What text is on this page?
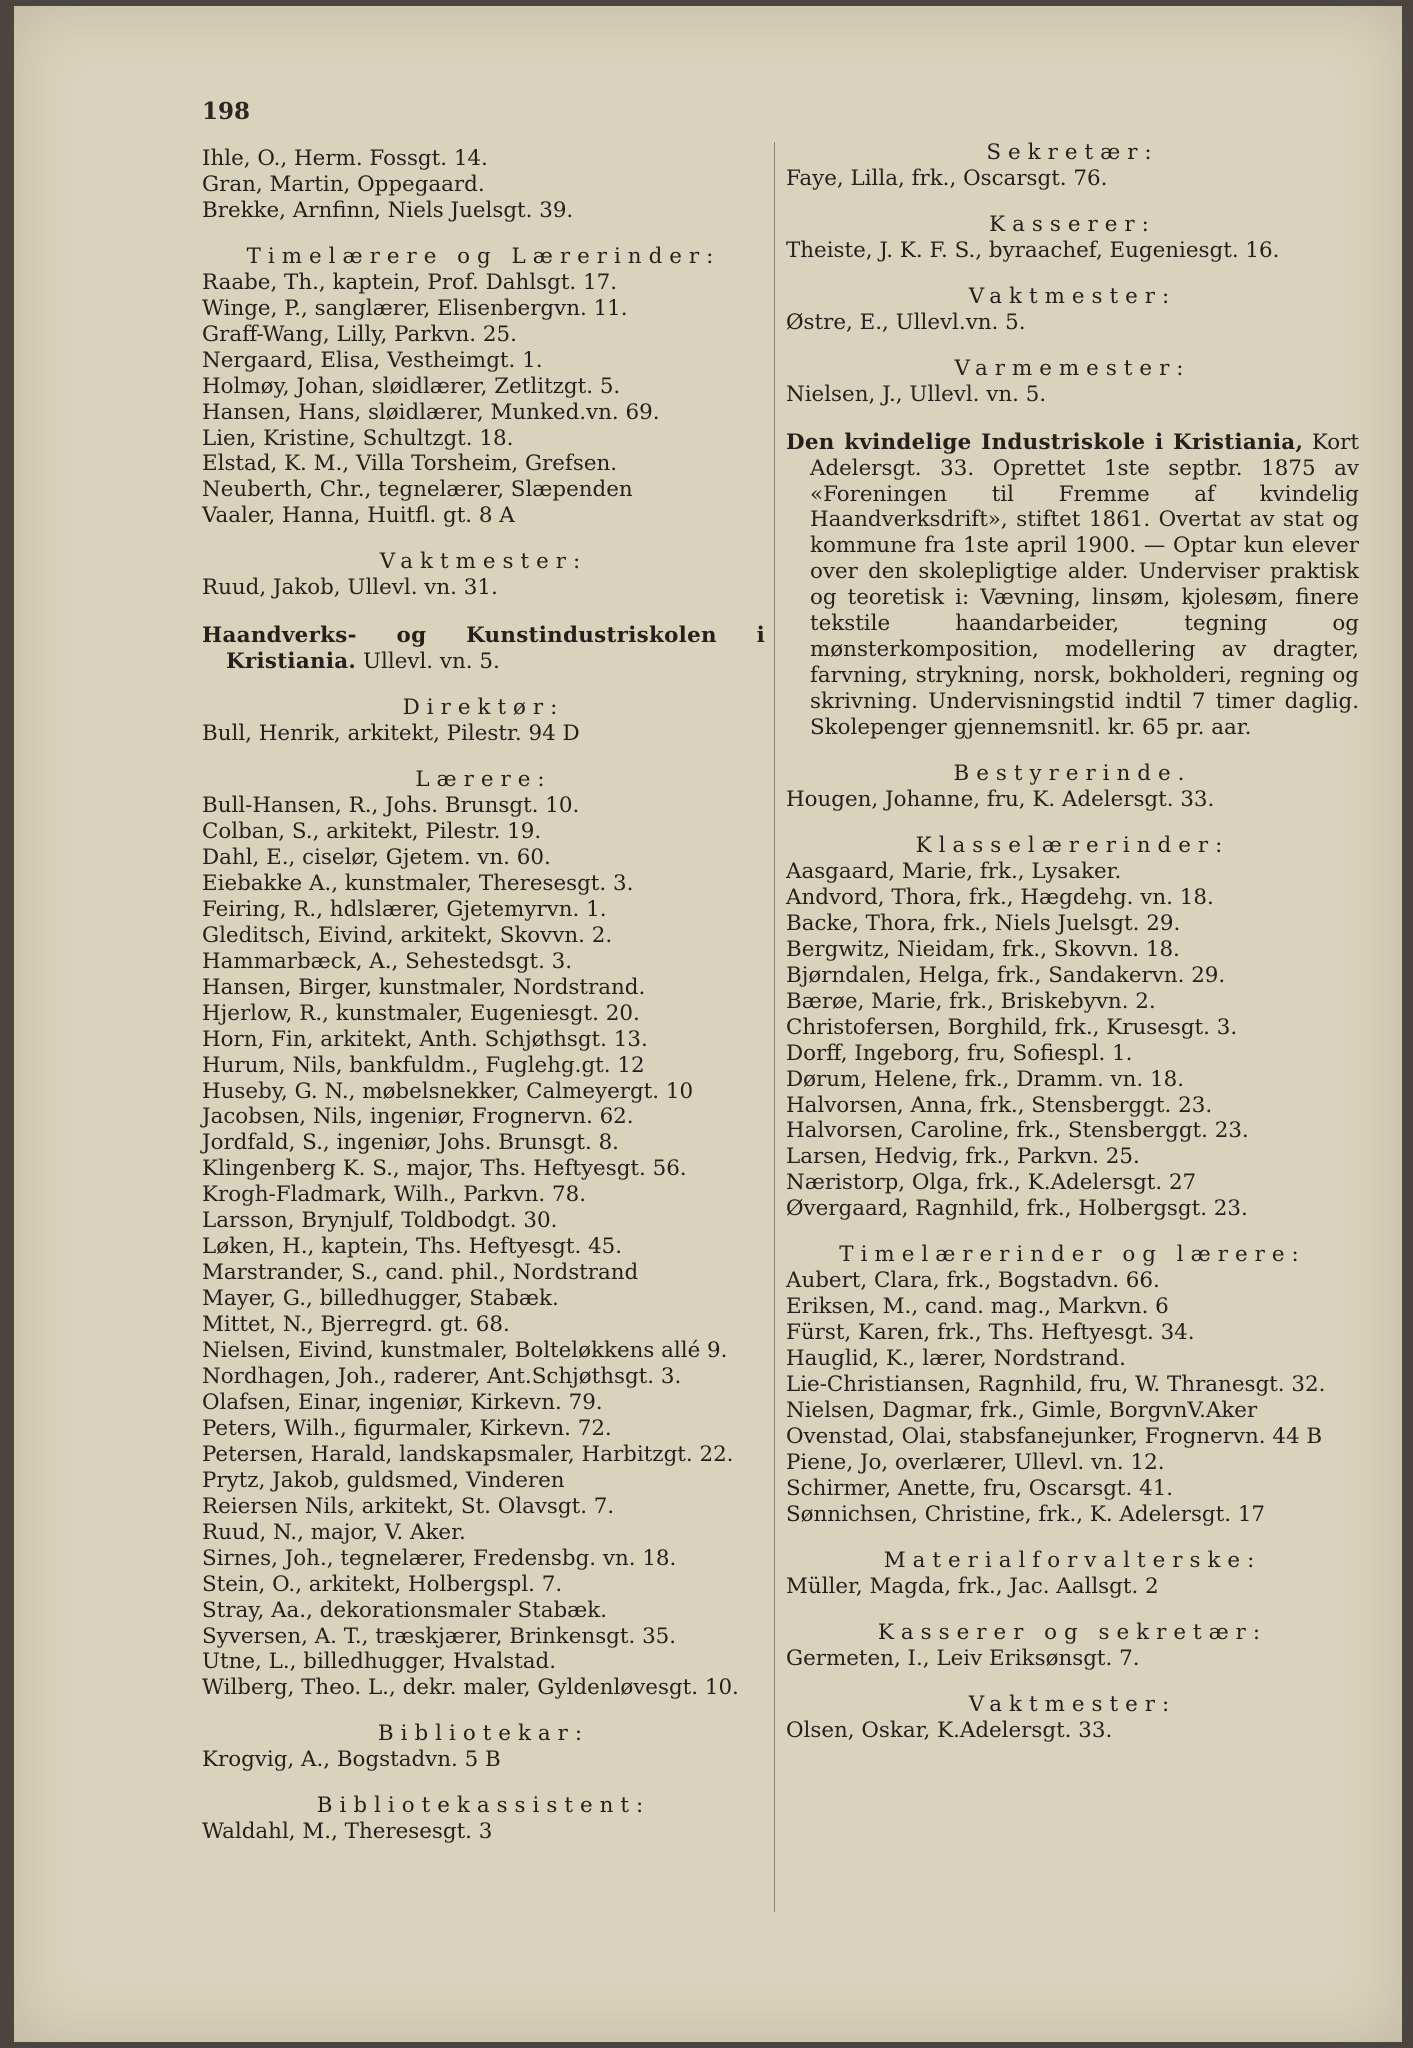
198
Ihle, O., Herm. Fossgt. 14.
Gran, Martin, Oppegaard.
Brekke, Arnfinn, Niels Juelsgt. 39.
Timelærere og Lærerinder:
Raabe, Th., kaptein, Prof. Dahlsgt. 17.
Winge, P., sanglærer, Elisenbergvn. 11.
Graff-Wang, Lilly, Parkvn. 25.
Nergaard, Elisa, Vestheimgt. 1.
Holmøy, Johan, sløidlærer, Zetlitzgt. 5.
Hansen, Hans, sløidlærer, Munked.vn. 69.
Lien, Kristine, Schultzgt. 18.
Elstad, K. M., Villa Torsheim, Grefsen.
Neuberth, Chr., tegnelærer, Slæpenden
Vaaler, Hanna, Huitfl. gt. 8 A
Vaktmester:
Ruud, Jakob, Ullevl. vn. 31.
Haandverks- og Kunstindustriskolen i Kristiania. Ullevl. vn. 5.
Direktør:
Bull, Henrik, arkitekt, Pilestr. 94 D
Lærere:
Bull-Hansen, R., Johs. Brunsgt. 10.
Colban, S., arkitekt, Pilestr. 19.
Dahl, E., ciselør, Gjetem. vn. 60.
Eiebakke A., kunstmaler, Theresesgt. 3.
Feiring, R., hdlslærer, Gjetemyrvn. 1.
Gleditsch, Eivind, arkitekt, Skovvn. 2.
Hammarbæck, A., Sehestedsgt. 3.
Hansen, Birger, kunstmaler, Nordstrand.
Hjerlow, R., kunstmaler, Eugeniesgt. 20.
Horn, Fin, arkitekt, Anth. Schjøthsgt. 13.
Hurum, Nils, bankfuldm., Fuglehg.gt. 12
Huseby, G. N., møbelsnekker, Calmeyergt. 10
Jacobsen, Nils, ingeniør, Frognervn. 62.
Jordfald, S., ingeniør, Johs. Brunsgt. 8.
Klingenberg K. S., major, Ths. Heftyesgt. 56.
Krogh-Fladmark, Wilh., Parkvn. 78.
Larsson, Brynjulf, Toldbodgt. 30.
Løken, H., kaptein, Ths. Heftyesgt. 45.
Marstrander, S., cand. phil., Nordstrand
Mayer, G., billedhugger, Stabæk.
Mittet, N., Bjerregrd. gt. 68.
Nielsen, Eivind, kunstmaler, Bolteløkkens allé 9.
Nordhagen, Joh., raderer, Ant.Schjøthsgt. 3.
Olafsen, Einar, ingeniør, Kirkevn. 79.
Peters, Wilh., figurmaler, Kirkevn. 72.
Petersen, Harald, landskapsmaler, Harbitzgt. 22.
Prytz, Jakob, guldsmed, Vinderen
Reiersen Nils, arkitekt, St. Olavsgt. 7.
Ruud, N., major, V. Aker.
Sirnes, Joh., tegnelærer, Fredensbg. vn. 18.
Stein, O., arkitekt, Holbergspl. 7.
Stray, Aa., dekorationsmaler Stabæk.
Syversen, A. T., træskjærer, Brinkensgt. 35.
Utne, L., billedhugger, Hvalstad.
Wilberg, Theo. L., dekr. maler, Gyldenløvesgt. 10.
Bibliotekar:
Krogvig, A., Bogstadvn. 5 B
Bibliotekassistent:
Waldahl, M., Theresesgt. 3
Sekretær:
Faye, Lilla, frk., Oscarsgt. 76.
Kasserer:
Theiste, J. K. F. S., byraachef, Eugeniesgt. 16.
Vaktmester:
Østre, E., Ullevl.vn. 5.
Varmemester:
Nielsen, J., Ullevl. vn. 5.
Den kvindelige Industriskole i Kristiania, Kort Adelersgt. 33. Oprettet 1ste septbr. 1875 av «Foreningen til Fremme af kvindelig Haandverksdrift», stiftet 1861. Overtat av stat og kommune fra 1ste april 1900. — Optar kun elever over den skolepligtige alder. Underviser praktisk og teoretisk i: Vævning, linsøm, kjolesøm, finere tekstile haandarbeider, tegning og mønsterkomposition, modellering av dragter, farvning, strykning, norsk, bokholderi, regning og skrivning. Undervisningstid indtil 7 timer daglig. Skolepenger gjennemsnitl. kr. 65 pr. aar.
Bestyrerinde.
Hougen, Johanne, fru, K. Adelersgt. 33.
Klasselærerinder:
Aasgaard, Marie, frk., Lysaker.
Andvord, Thora, frk., Hægdehg. vn. 18.
Backe, Thora, frk., Niels Juelsgt. 29.
Bergwitz, Nieidam, frk., Skovvn. 18.
Bjørndalen, Helga, frk., Sandakervn. 29.
Bærøe, Marie, frk., Briskebyvn. 2.
Christofersen, Borghild, frk., Krusesgt. 3.
Dorff, Ingeborg, fru, Sofiespl. 1.
Dørum, Helene, frk., Dramm. vn. 18.
Halvorsen, Anna, frk., Stensberggt. 23.
Halvorsen, Caroline, frk., Stensberggt. 23.
Larsen, Hedvig, frk., Parkvn. 25.
Næristorp, Olga, frk., K.Adelersgt. 27
Øvergaard, Ragnhild, frk., Holbergsgt. 23.
Timelærerinder og lærere:
Aubert, Clara, frk., Bogstadvn. 66.
Eriksen, M., cand. mag., Markvn. 6
Fürst, Karen, frk., Ths. Heftyesgt. 34.
Hauglid, K., lærer, Nordstrand.
Lie-Christiansen, Ragnhild, fru, W. Thranesgt. 32.
Nielsen, Dagmar, frk., Gimle, BorgvnV.Aker
Ovenstad, Olai, stabsfanejunker, Frognervn. 44 B
Piene, Jo, overlærer, Ullevl. vn. 12.
Schirmer, Anette, fru, Oscarsgt. 41.
Sønnichsen, Christine, frk., K. Adelersgt. 17
Materialforvalterske:
Müller, Magda, frk., Jac. Aallsgt. 2
Kasserer og sekretær:
Germeten, I., Leiv Eriksønsgt. 7.
Vaktmester:
Olsen, Oskar, K.Adelersgt. 33.
